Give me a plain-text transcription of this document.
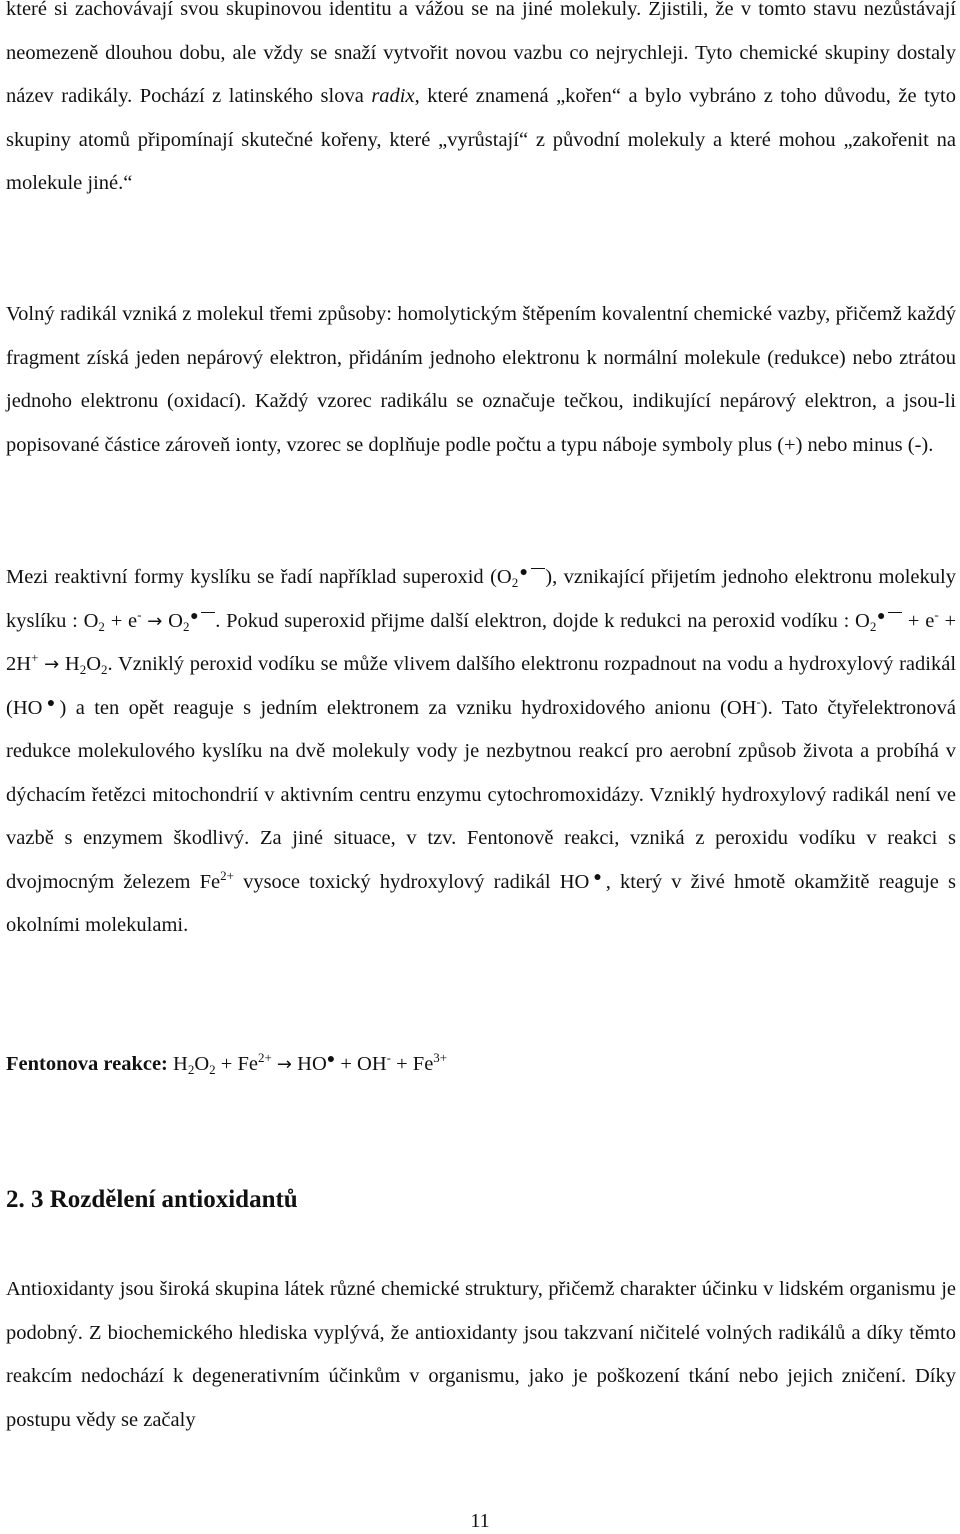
které si zachovávají svou skupinovou identitu a vážou se na jiné molekuly. Zjistili, že v tomto stavu nezůstávají neomezeně dlouhou dobu, ale vždy se snaží vytvořit novou vazbu co nejrychleji. Tyto chemické skupiny dostaly název radikály. Pochází z latinského slova radix, které znamená „kořen“ a bylo vybráno z toho důvodu, že tyto skupiny atomů připomínají skutečné kořeny, které „vyrůstají“ z původní molekuly a které mohou „zakořenit na molekule jiné.“

Volný radikál vzniká z molekul třemi způsoby: homolytickým štěpením kovalentní chemické vazby, přičemž každý fragment získá jeden nepárový elektron, přidáním jednoho elektronu k normální molekule (redukce) nebo ztrátou jednoho elektronu (oxidací). Každý vzorec radikálu se označuje tečkou, indikující nepárový elektron, a jsou-li popisované částice zároveň ionty, vzorec se doplňuje podle počtu a typu náboje symboly plus (+) nebo minus (-).

Mezi reaktivní formy kyslíku se řadí například superoxid ($O_2^●$ ), vznikající přijetím jednoho elektronu molekuly kyslíku : $O_2 + e^- \to O_2^●$ . Pokud superoxid přijme další elektron, dojde k redukci na peroxid vodíku : $O_2^● + e^- + 2H^+ \to H_2O_2$. Vzniklý peroxid vodíku se může vlivem dalšího elektronu rozpadnout na vodu a hydroxylový radikál (HO●) a ten opět reaguje s jedním elektronem za vzniku hydroxidového anionu (OH-). Tato čtyřelektronová redukce molekulového kyslíku na dvě molekuly vody je nezbytnou reakcí pro aerobní způsob života a probíhá v dýchacím řetězci mitochondrií v aktivním centru enzymu cytochromoxidázy. Vzniklý hydroxylový radikál není ve vazbě s enzymem škodlivý. Za jiné situace, v tzv. Fentonově reakci, vzniká z peroxidu vodíku v reakci s dvojmocným železem $Fe^{2+}$ vysoce toxický hydroxylový radikál HO●, který v živé hmotě okamžitě reaguje s okolními molekulami.

Fentonova reakce: $H_2O_2 + Fe^{2+} \to HO^● + OH^- + Fe^{3+}$

2. 3 Rozdělení antioxidantů

Antioxidanty jsou široká skupina látek různé chemické struktury, přičemž charakter účinku v lidském organismu je podobný. Z biochemického hlediska vyplývá, že antioxidanty jsou takzvaní ničitelé volných radikálů a díky těmto reakcím nedochází k degenerativním účinkům v organismu, jako je poškození tkání nebo jejich zničení. Díky postupu vědy se začaly

11
